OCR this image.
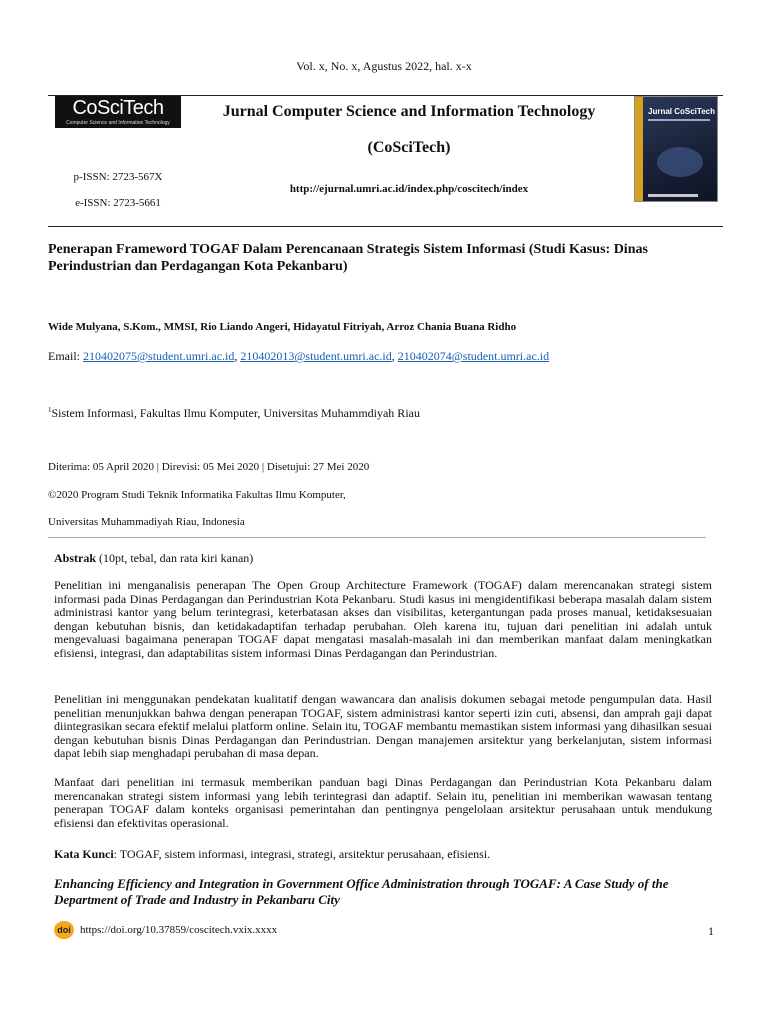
Vol. x, No. x, Agustus 2022, hal. x-x
CoSciTech
Computer Science and Information Technology
Jurnal Computer Science and Information Technology
(CoSciTech)
p-ISSN: 2723-567X
e-ISSN: 2723-5661
http://ejurnal.umri.ac.id/index.php/coscitech/index
Jurnal CoSciTech
Penerapan Frameword TOGAF Dalam Perencanaan Strategis Sistem Informasi (Studi Kasus: Dinas Perindustrian dan Perdagangan Kota Pekanbaru)
Wide Mulyana, S.Kom., MMSI, Rio Liando Angeri, Hidayatul Fitriyah, Arroz Chania Buana Ridho
Email: 210402075@student.umri.ac.id, 210402013@student.umri.ac.id, 210402074@student.umri.ac.id
$^1$Sistem Informasi, Fakultas Ilmu Komputer, Universitas Muhammdiyah Riau
Diterima: 05 April 2020 | Direvisi: 05 Mei 2020 | Disetujui: 27 Mei 2020
©2020 Program Studi Teknik Informatika Fakultas Ilmu Komputer,
Universitas Muhammadiyah Riau, Indonesia
Abstrak (10pt, tebal, dan rata kiri kanan)

Penelitian ini menganalisis penerapan The Open Group Architecture Framework (TOGAF) dalam merencanakan strategi sistem informasi pada Dinas Perdagangan dan Perindustrian Kota Pekanbaru. Studi kasus ini mengidentifikasi beberapa masalah dalam sistem administrasi kantor yang belum terintegrasi, keterbatasan akses dan visibilitas, ketergantungan pada proses manual, ketidaksesuaian dengan kebutuhan bisnis, dan ketidakadaptifan terhadap perubahan. Oleh karena itu, tujuan dari penelitian ini adalah untuk mengevaluasi bagaimana penerapan TOGAF dapat mengatasi masalah-masalah ini dan memberikan manfaat dalam meningkatkan efisiensi, integrasi, dan adaptabilitas sistem informasi Dinas Perdagangan dan Perindustrian.

Penelitian ini menggunakan pendekatan kualitatif dengan wawancara dan analisis dokumen sebagai metode pengumpulan data. Hasil penelitian menunjukkan bahwa dengan penerapan TOGAF, sistem administrasi kantor seperti izin cuti, absensi, dan amprah gaji dapat diintegrasikan secara efektif melalui platform online. Selain itu, TOGAF membantu memastikan sistem informasi yang dihasilkan sesuai dengan kebutuhan bisnis Dinas Perdagangan dan Perindustrian. Dengan manajemen arsitektur yang berkelanjutan, sistem informasi dapat lebih siap menghadapi perubahan di masa depan.

Manfaat dari penelitian ini termasuk memberikan panduan bagi Dinas Perdagangan dan Perindustrian Kota Pekanbaru dalam merencanakan strategi sistem informasi yang lebih terintegrasi dan adaptif. Selain itu, penelitian ini memberikan wawasan tentang penerapan TOGAF dalam konteks organisasi pemerintahan dan pentingnya pengelolaan arsitektur perusahaan untuk mendukung efisiensi dan efektivitas operasional.

Kata Kunci: TOGAF, sistem informasi, integrasi, strategi, arsitektur perusahaan, efisiensi.
Enhancing Efficiency and Integration in Government Office Administration through TOGAF: A Case Study of the Department of Trade and Industry in Pekanbaru City
doi https://doi.org/10.37859/coscitech.vxix.xxxx	1
